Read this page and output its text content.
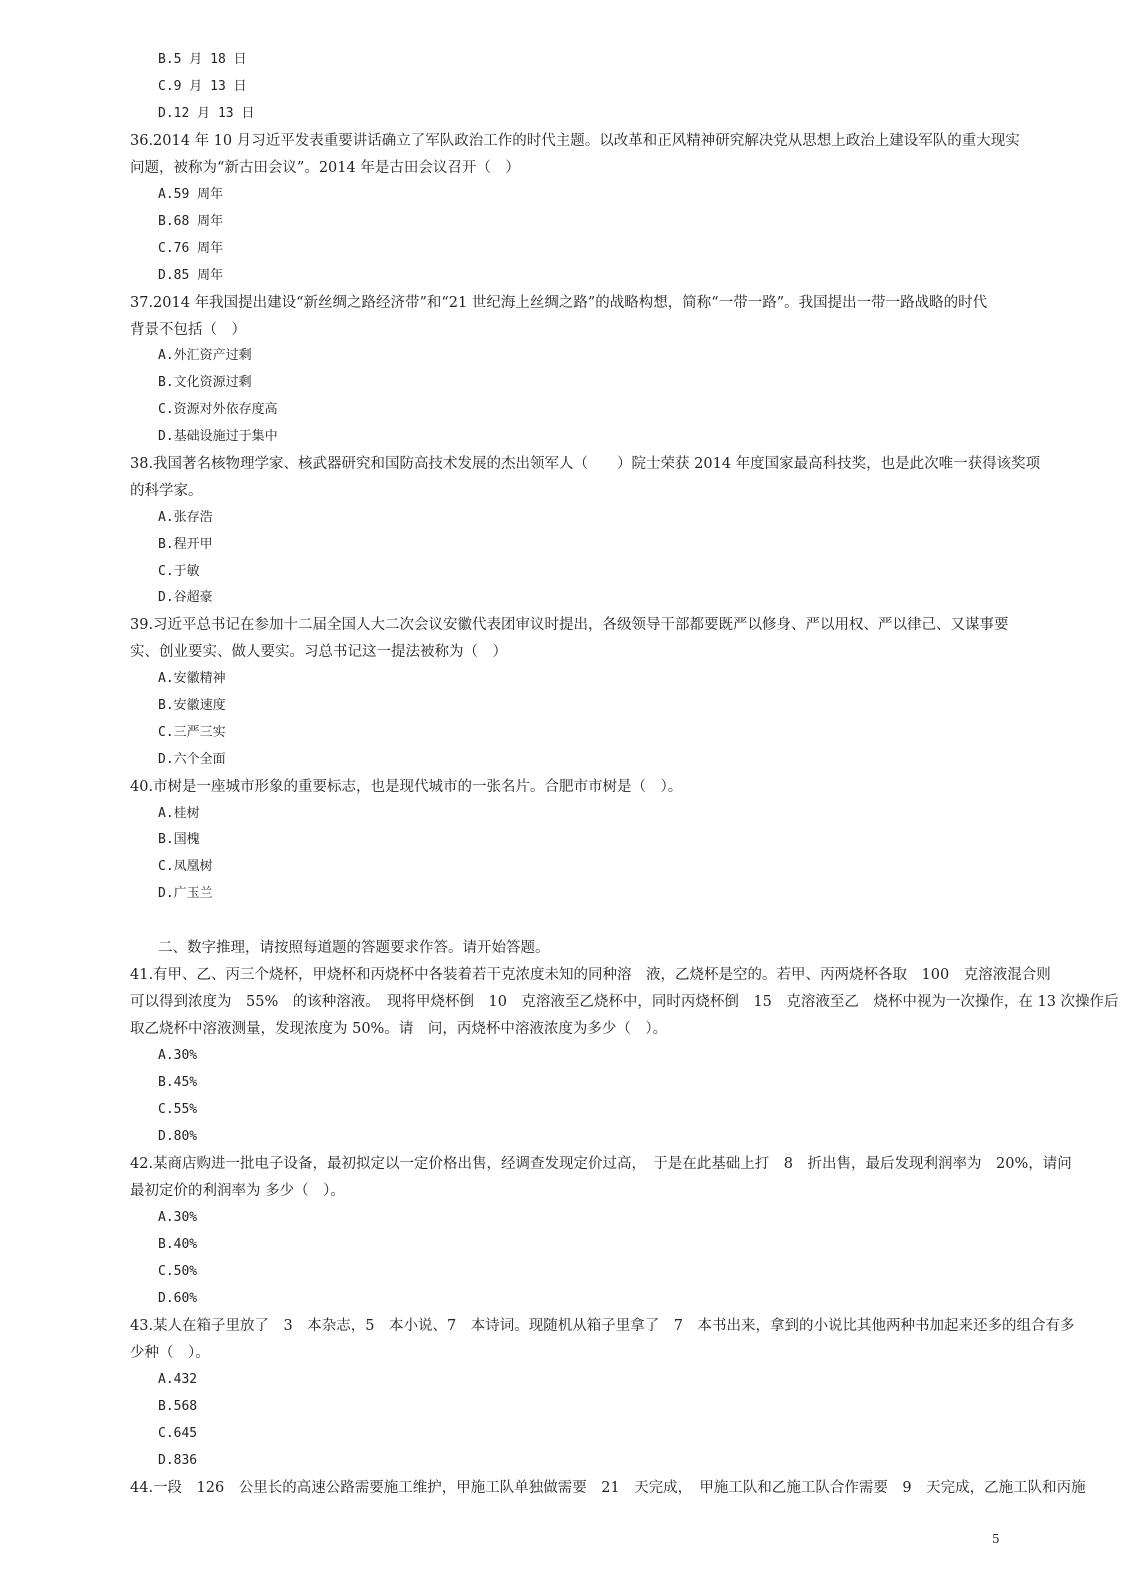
B.5 月 18 日
C.9 月 13 日
D.12 月 13 日
36.2014 年 10 月习近平发表重要讲话确立了军队政治工作的时代主题。以改革和正风精神研究解决党从思想上政治上建设军队的重大现实
问题，被称为“新古田会议”。2014 年是古田会议召开（　）
A.59 周年
B.68 周年
C.76 周年
D.85 周年
37.2014 年我国提出建设“新丝绸之路经济带”和“21 世纪海上丝绸之路”的战略构想，简称“一带一路”。我国提出一带一路战略的时代
背景不包括（　）
A.外汇资产过剩
B.文化资源过剩
C.资源对外依存度高
D.基础设施过于集中
38.我国著名核物理学家、核武器研究和国防高技术发展的杰出领军人（　　）院士荣获 2014 年度国家最高科技奖，也是此次唯一获得该奖项
的科学家。
A.张存浩
B.程开甲
C.于敏
D.谷超豪
39.习近平总书记在参加十二届全国人大二次会议安徽代表团审议时提出，各级领导干部都要既严以修身、严以用权、严以律己、又谋事要
实、创业要实、做人要实。习总书记这一提法被称为（　）
A.安徽精神
B.安徽速度
C.三严三实
D.六个全面
40.市树是一座城市形象的重要标志，也是现代城市的一张名片。合肥市市树是（　）。
A.桂树
B.国槐
C.凤凰树
D.广玉兰
二、数字推理，请按照每道题的答题要求作答。请开始答题。
41.有甲、乙、丙三个烧杯，甲烧杯和丙烧杯中各装着若干克浓度未知的同种溶　液，乙烧杯是空的。若甲、丙两烧杯各取　100　克溶液混合则
可以得到浓度为　55%　的该种溶液。　现将甲烧杯倒　10　克溶液至乙烧杯中，同时丙烧杯倒　15　克溶液至乙　烧杯中视为一次操作，在 13 次操作后
取乙烧杯中溶液测量，发现浓度为 50%。请　问，丙烧杯中溶液浓度为多少（　）。
A.30%
B.45%
C.55%
D.80%
42.某商店购进一批电子设备，最初拟定以一定价格出售，经调查发现定价过高，　于是在此基础上打　8　折出售，最后发现利润率为　20%，请问
最初定价的利润率为 多少（　）。
A.30%
B.40%
C.50%
D.60%
43.某人在箱子里放了　3　本杂志，5　本小说、7　本诗词。现随机从箱子里拿了　7　本书出来，拿到的小说比其他两种书加起来还多的组合有多
少种（　）。
A.432
B.568
C.645
D.836
44.一段　126　公里长的高速公路需要施工维护，甲施工队单独做需要　21　天完成，　甲施工队和乙施工队合作需要　9　天完成，乙施工队和丙施
5
